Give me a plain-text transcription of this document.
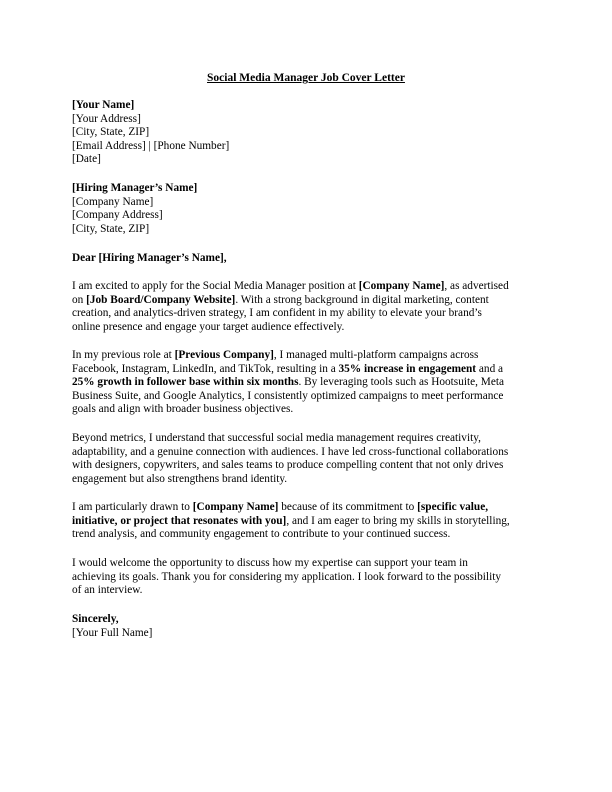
Social Media Manager Job Cover Letter
[Your Name]
[Your Address]
[City, State, ZIP]
[Email Address] | [Phone Number]
[Date]
[Hiring Manager’s Name]
[Company Name]
[Company Address]
[City, State, ZIP]
Dear [Hiring Manager’s Name],
I am excited to apply for the Social Media Manager position at [Company Name], as advertised
on [Job Board/Company Website]. With a strong background in digital marketing, content
creation, and analytics-driven strategy, I am confident in my ability to elevate your brand’s
online presence and engage your target audience effectively.
In my previous role at [Previous Company], I managed multi-platform campaigns across
Facebook, Instagram, LinkedIn, and TikTok, resulting in a 35% increase in engagement and a
25% growth in follower base within six months. By leveraging tools such as Hootsuite, Meta
Business Suite, and Google Analytics, I consistently optimized campaigns to meet performance
goals and align with broader business objectives.
Beyond metrics, I understand that successful social media management requires creativity,
adaptability, and a genuine connection with audiences. I have led cross-functional collaborations
with designers, copywriters, and sales teams to produce compelling content that not only drives
engagement but also strengthens brand identity.
I am particularly drawn to [Company Name] because of its commitment to [specific value,
initiative, or project that resonates with you], and I am eager to bring my skills in storytelling,
trend analysis, and community engagement to contribute to your continued success.
I would welcome the opportunity to discuss how my expertise can support your team in
achieving its goals. Thank you for considering my application. I look forward to the possibility
of an interview.
Sincerely,
[Your Full Name]
